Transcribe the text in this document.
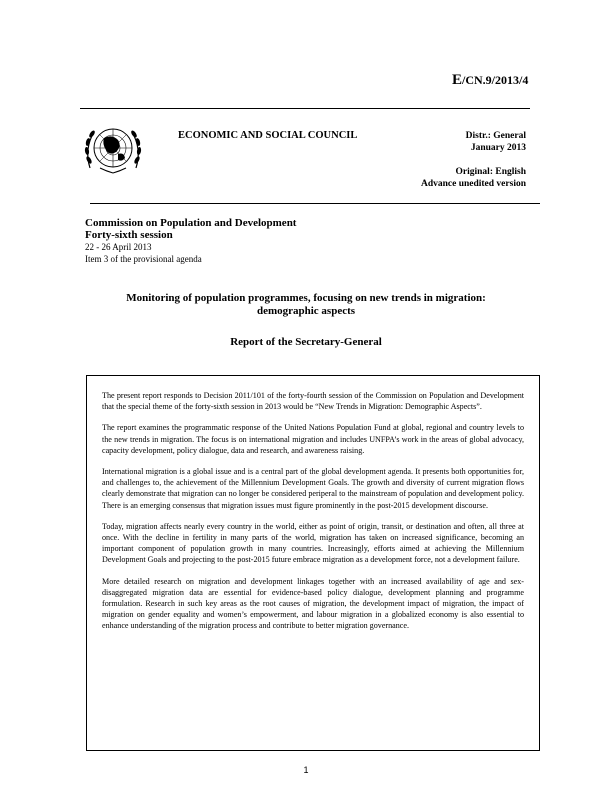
E/CN.9/2013/4
ECONOMIC AND SOCIAL COUNCIL	Distr.: General
January 2013
Original: English
Advance unedited version
Commission on Population and Development
Forty-sixth session
22 - 26 April 2013
Item 3 of the provisional agenda
Monitoring of population programmes, focusing on new trends in migration:
demographic aspects
Report of the Secretary-General

The present report responds to Decision 2011/101 of the forty-fourth session of the Commission on Population and Development that the special theme of the forty-sixth session in 2013 would be “New Trends in Migration: Demographic Aspects”.

The report examines the programmatic response of the United Nations Population Fund at global, regional and country levels to the new trends in migration. The focus is on international migration and includes UNFPA’s work in the areas of global advocacy, capacity development, policy dialogue, data and research, and awareness raising.

International migration is a global issue and is a central part of the global development agenda. It presents both opportunities for, and challenges to, the achievement of the Millennium Development Goals. The growth and diversity of current migration flows clearly demonstrate that migration can no longer be considered periperal to the mainstream of population and development policy. There is an emerging consensus that migration issues must figure prominently in the post-2015 development discourse.

Today, migration affects nearly every country in the world, either as point of origin, transit, or destination and often, all three at once. With the decline in fertility in many parts of the world, migration has taken on increased significance, becoming an important component of population growth in many countries. Increasingly, efforts aimed at achieving the Millennium Development Goals and projecting to the post-2015 future embrace migration as a development force, not a development failure.

More detailed research on migration and development linkages together with an increased availability of age and sex-disaggregated migration data are essential for evidence-based policy dialogue, development planning and programme formulation. Research in such key areas as the root causes of migration, the development impact of migration, the impact of migration on gender equality and women’s empowerment, and labour migration in a globalized economy is also essential to enhance understanding of the migration process and contribute to better migration governance.

1
